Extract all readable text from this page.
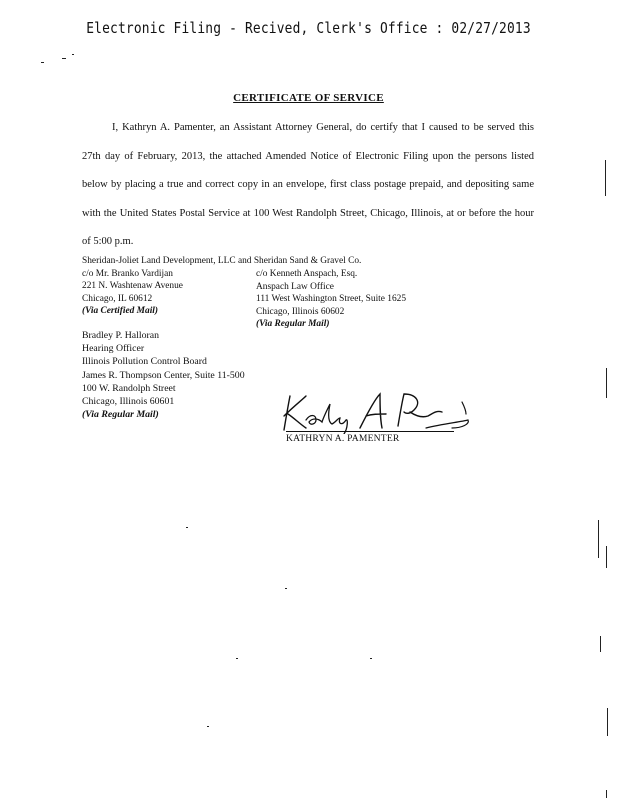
Electronic Filing - Recived, Clerk's Office : 02/27/2013
CERTIFICATE OF SERVICE

I, Kathryn A. Pamenter, an Assistant Attorney General, do certify that I caused to be served this 27th day of February, 2013, the attached Amended Notice of Electronic Filing upon the persons listed below by placing a true and correct copy in an envelope, first class postage prepaid, and depositing same with the United States Postal Service at 100 West Randolph Street, Chicago, Illinois, at or before the hour of 5:00 p.m.

Sheridan-Joliet Land Development, LLC and Sheridan Sand & Gravel Co.
c/o Mr. Branko Vardijan
221 N. Washtenaw Avenue
Chicago, IL 60612
(Via Certified Mail)
c/o Kenneth Anspach, Esq.
Anspach Law Office
111 West Washington Street, Suite 1625
Chicago, Illinois 60602
(Via Regular Mail)
Bradley P. Halloran
Hearing Officer
Illinois Pollution Control Board
James R. Thompson Center, Suite 11-500
100 W. Randolph Street
Chicago, Illinois 60601
(Via Regular Mail)
KATHRYN A. PAMENTER
